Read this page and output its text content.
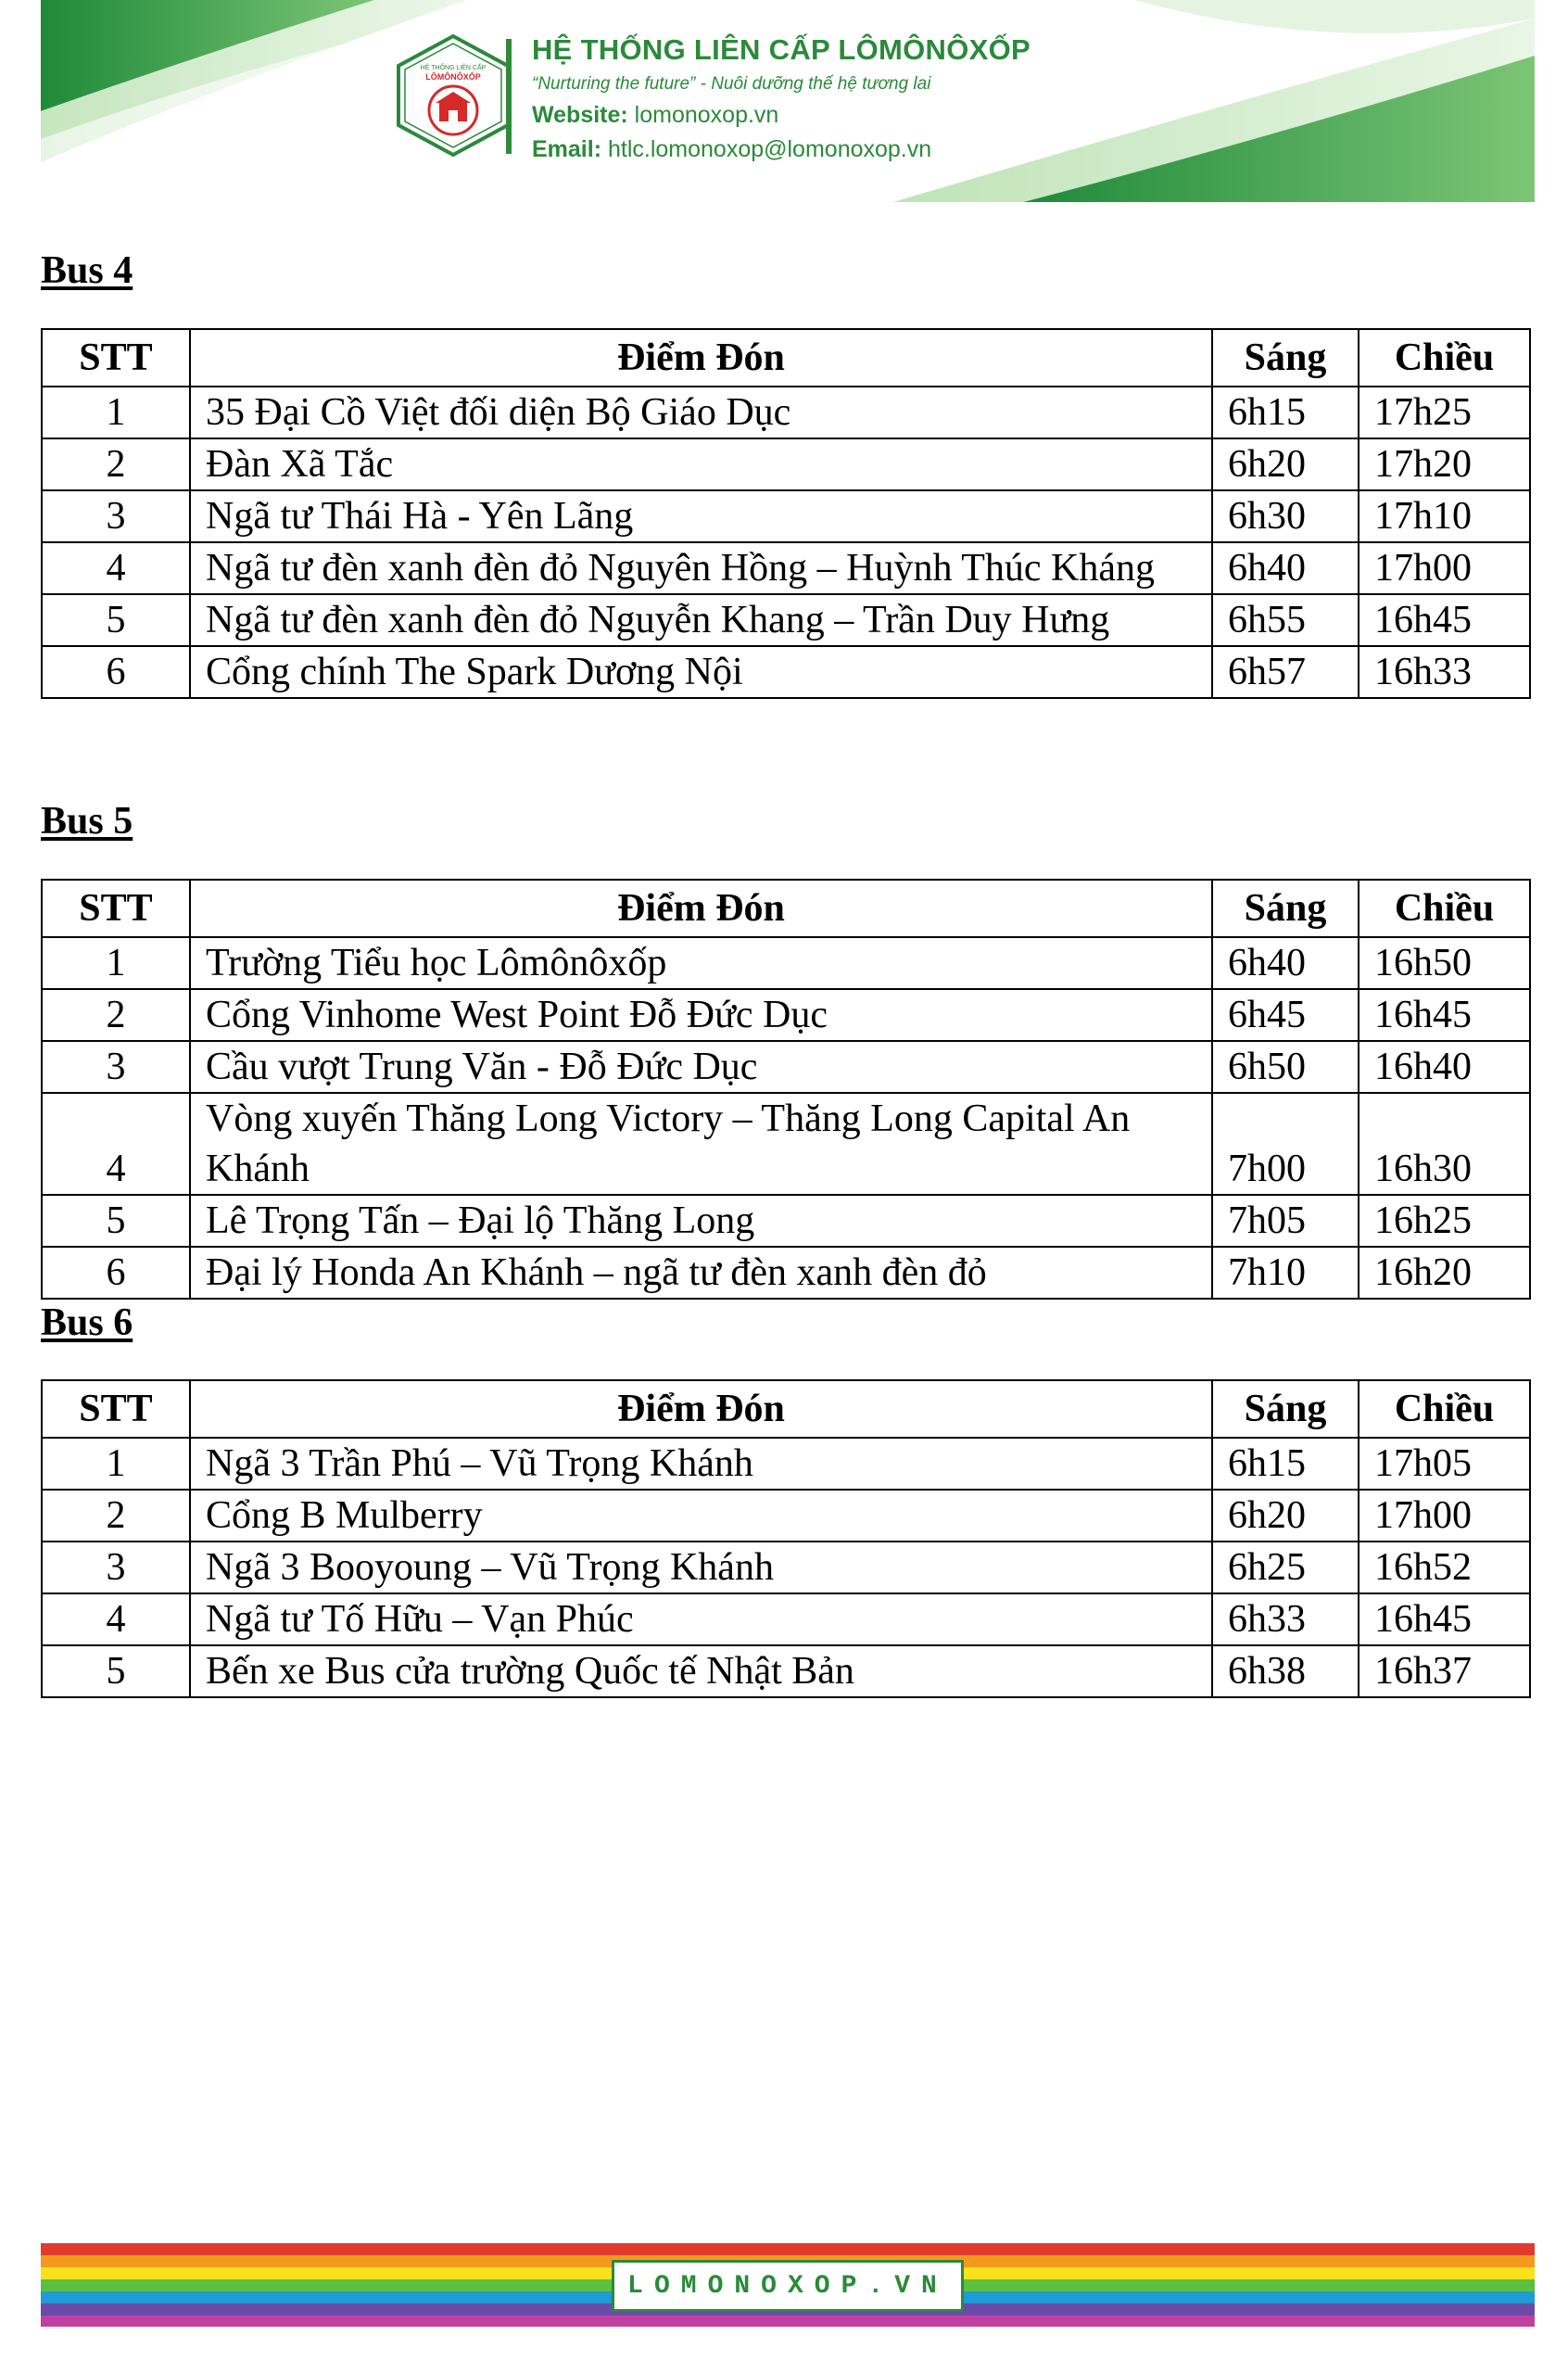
HỆ THỐNG LIÊN CẤP
LÔMÔNÔXỐP
HỆ THỐNG LIÊN CẤP LÔMÔNÔXỐP
“Nurturing the future” - Nuôi dưỡng thế hệ tương lai
Website: lomonoxop.vn
Email: htlc.lomonoxop@lomonoxop.vn
Bus 4
STT	Điểm Đón	Sáng	Chiều
1	35 Đại Cồ Việt đối diện Bộ Giáo Dục	6h15	17h25
2	Đàn Xã Tắc	6h20	17h20
3	Ngã tư Thái Hà - Yên Lãng	6h30	17h10
4	Ngã tư đèn xanh đèn đỏ Nguyên Hồng – Huỳnh Thúc Kháng	6h40	17h00
5	Ngã tư đèn xanh đèn đỏ Nguyễn Khang – Trần Duy Hưng	6h55	16h45
6	Cổng chính The Spark Dương Nội	6h57	16h33
Bus 5
STT	Điểm Đón	Sáng	Chiều
1	Trường Tiểu học Lômônôxốp	6h40	16h50
2	Cổng Vinhome West Point Đỗ Đức Dục	6h45	16h45
3	Cầu vượt Trung Văn - Đỗ Đức Dục	6h50	16h40
4	Vòng xuyến Thăng Long Victory – Thăng Long Capital An Khánh	7h00	16h30
5	Lê Trọng Tấn – Đại lộ Thăng Long	7h05	16h25
6	Đại lý Honda An Khánh – ngã tư đèn xanh đèn đỏ	7h10	16h20
Bus 6
STT	Điểm Đón	Sáng	Chiều
1	Ngã 3 Trần Phú – Vũ Trọng Khánh	6h15	17h05
2	Cổng B Mulberry	6h20	17h00
3	Ngã 3 Booyoung – Vũ Trọng Khánh	6h25	16h52
4	Ngã tư Tố Hữu – Vạn Phúc	6h33	16h45
5	Bến xe Bus cửa trường Quốc tế Nhật Bản	6h38	16h37
LOMONOXOP.VN
